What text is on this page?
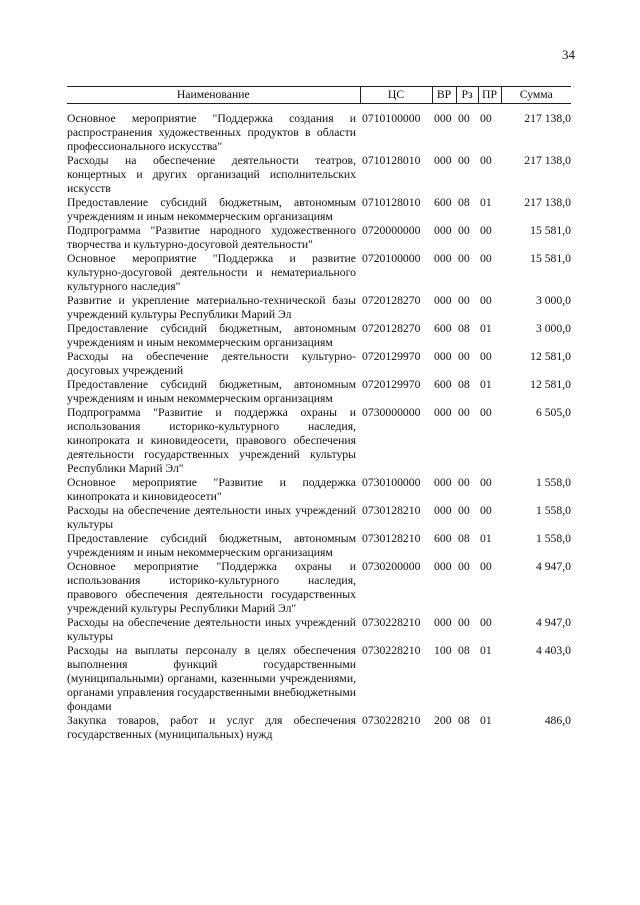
34
Наименование	ЦС	ВР	Рз	ПР	Сумма
Основное мероприятие "Поддержка создания и распространения художественных продуктов в области профессионального искусства"	0710100000	000	00	00	217 138,0
Расходы на обеспечение деятельности театров, концертных и других организаций исполнительских искусств	0710128010	000	00	00	217 138,0
Предоставление субсидий бюджетным, автономным учреждениям и иным некоммерческим организациям	0710128010	600	08	01	217 138,0
Подпрограмма "Развитие народного художественного творчества и культурно-досуговой деятельности"	0720000000	000	00	00	15 581,0
Основное мероприятие "Поддержка и развитие культурно-досуговой деятельности и нематериального культурного наследия"	0720100000	000	00	00	15 581,0
Развитие и укрепление материально-технической базы учреждений культуры Республики Марий Эл	0720128270	000	00	00	3 000,0
Предоставление субсидий бюджетным, автономным учреждениям и иным некоммерческим организациям	0720128270	600	08	01	3 000,0
Расходы на обеспечение деятельности культурно-досуговых учреждений	0720129970	000	00	00	12 581,0
Предоставление субсидий бюджетным, автономным учреждениям и иным некоммерческим организациям	0720129970	600	08	01	12 581,0
Подпрограмма "Развитие и поддержка охраны и использования историко-культурного наследия, кинопроката и киновидеосети, правового обеспечения деятельности государственных учреждений культуры Республики Марий Эл"	0730000000	000	00	00	6 505,0
Основное мероприятие "Развитие и поддержка кинопроката и киновидеосети"	0730100000	000	00	00	1 558,0
Расходы на обеспечение деятельности иных учреждений культуры	0730128210	000	00	00	1 558,0
Предоставление субсидий бюджетным, автономным учреждениям и иным некоммерческим организациям	0730128210	600	08	01	1 558,0
Основное мероприятие "Поддержка охраны и использования историко-культурного наследия, правового обеспечения деятельности государственных учреждений культуры Республики Марий Эл"	0730200000	000	00	00	4 947,0
Расходы на обеспечение деятельности иных учреждений культуры	0730228210	000	00	00	4 947,0
Расходы на выплаты персоналу в целях обеспечения выполнения функций государственными (муниципальными) органами, казенными учреждениями, органами управления государственными внебюджетными фондами	0730228210	100	08	01	4 403,0
Закупка товаров, работ и услуг для обеспечения государственных (муниципальных) нужд	0730228210	200	08	01	486,0
